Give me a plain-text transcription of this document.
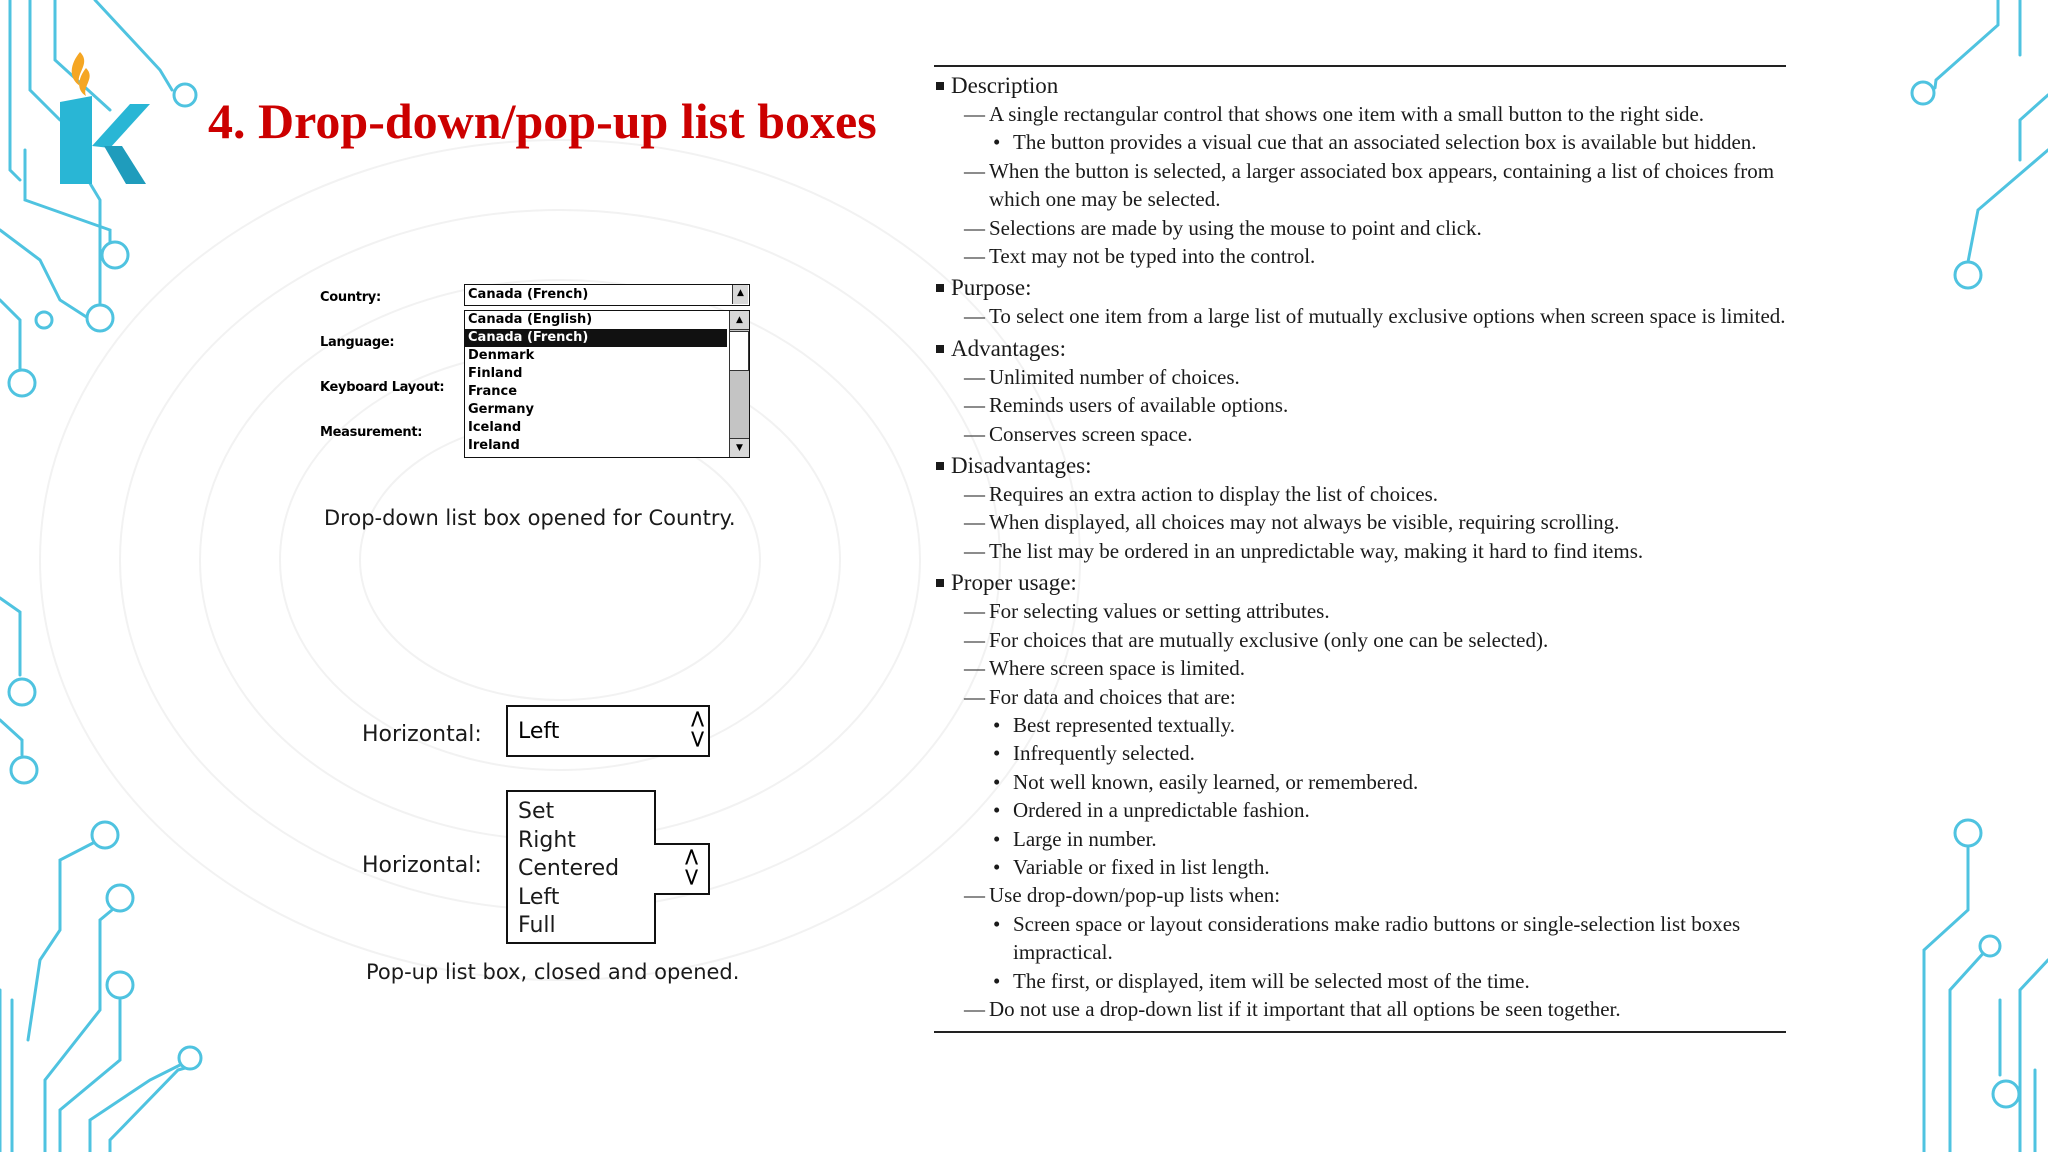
4. Drop-down/pop-up list boxes
Country:
Language:
Keyboard Layout:
Measurement:
Canada (French)	▲

Canada (English)
Canada (French)
Denmark
Finland
France
Germany
Iceland
Ireland
▲
▼
Drop-down list box opened for Country.
Horizontal: Left	<>
Horizontal:
Set
Right
Centered
Left
Full
<>
Pop-up list box, closed and opened.
Description
— A single rectangular control that shows one item with a small button to the right side.
• The button provides a visual cue that an associated selection box is available but hidden.
— When the button is selected, a larger associated box appears, containing a list of choices from which one may be selected.
— Selections are made by using the mouse to point and click.
— Text may not be typed into the control.
Purpose:
— To select one item from a large list of mutually exclusive options when screen space is limited.
Advantages:
— Unlimited number of choices.
— Reminds users of available options.
— Conserves screen space.
Disadvantages:
— Requires an extra action to display the list of choices.
— When displayed, all choices may not always be visible, requiring scrolling.
— The list may be ordered in an unpredictable way, making it hard to find items.
Proper usage:
— For selecting values or setting attributes.
— For choices that are mutually exclusive (only one can be selected).
— Where screen space is limited.
— For data and choices that are:
• Best represented textually.
• Infrequently selected.
• Not well known, easily learned, or remembered.
• Ordered in a unpredictable fashion.
• Large in number.
• Variable or fixed in list length.
— Use drop-down/pop-up lists when:
• Screen space or layout considerations make radio buttons or single-selection list boxes impractical.
• The first, or displayed, item will be selected most of the time.
— Do not use a drop-down list if it important that all options be seen together.
